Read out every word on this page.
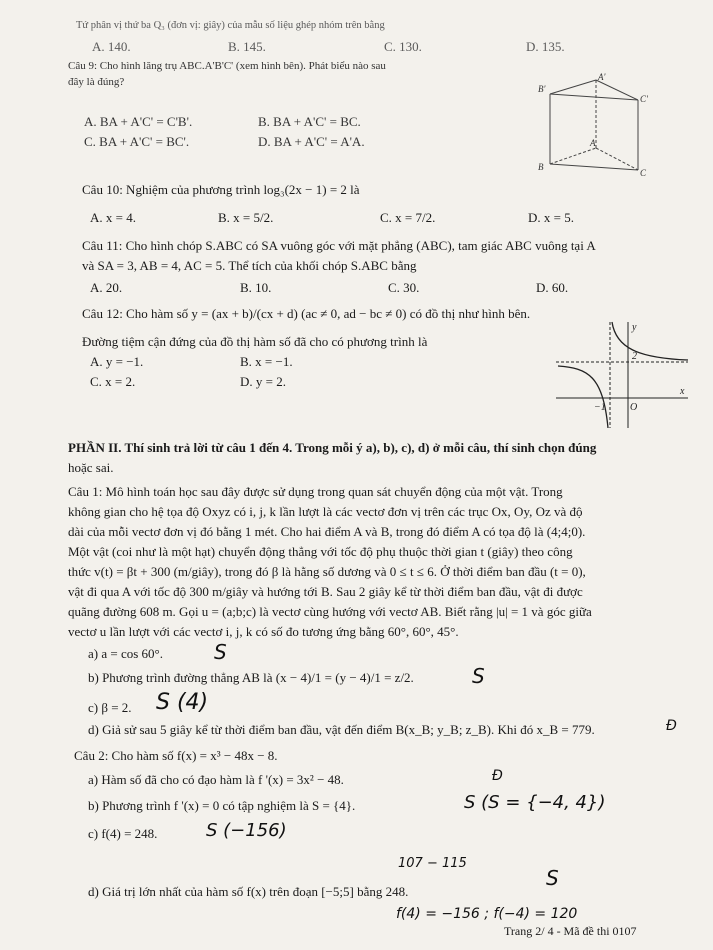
Tứ phân vị thứ ba Q₃ (đơn vị: giây) của mẫu số liệu ghép nhóm trên bằng
A. 140.	B. 145.	C. 130.	D. 135.
Câu 9: Cho hình lăng trụ ABC.A'B'C' (xem hình bên). Phát biểu nào sau
đây là đúng?
A. BA + A'C' = C'B'.	B. BA + A'C' = BC.
C. BA + A'C' = BC'.	D. BA + A'C' = A'A.
A'
B'
C'
A
B
C
Câu 10: Nghiệm của phương trình log₃(2x − 1) = 2 là
A. x = 4.	B. x = 5/2.	C. x = 7/2.	D. x = 5.
Câu 11: Cho hình chóp S.ABC có SA vuông góc với mặt phẳng (ABC), tam giác ABC vuông tại A
và SA = 3, AB = 4, AC = 5. Thể tích của khối chóp S.ABC bằng
A. 20.	B. 10.	C. 30.	D. 60.
Câu 12: Cho hàm số y = (ax + b)/(cx + d) (ac ≠ 0, ad − bc ≠ 0) có đồ thị như hình bên.
Đường tiệm cận đứng của đồ thị hàm số đã cho có phương trình là
A. y = −1.	B. x = −1.
C. x = 2.	D. y = 2.
y
2
x
−1 O
PHẦN II. Thí sinh trả lời từ câu 1 đến 4. Trong mỗi ý a), b), c), d) ở mỗi câu, thí sinh chọn đúng
hoặc sai.
Câu 1: Mô hình toán học sau đây được sử dụng trong quan sát chuyển động của một vật. Trong
không gian cho hệ tọa độ Oxyz có i, j, k lần lượt là các vectơ đơn vị trên các trục Ox, Oy, Oz và độ
dài của mỗi vectơ đơn vị đó bằng 1 mét. Cho hai điểm A và B, trong đó điểm A có tọa độ là (4;4;0).
Một vật (coi như là một hạt) chuyển động thẳng với tốc độ phụ thuộc thời gian t (giây) theo công
thức v(t) = βt + 300 (m/giây), trong đó β là hằng số dương và 0 ≤ t ≤ 6. Ở thời điểm ban đầu (t = 0),
vật đi qua A với tốc độ 300 m/giây và hướng tới B. Sau 2 giây kể từ thời điểm ban đầu, vật đi được
quãng đường 608 m. Gọi u = (a;b;c) là vectơ cùng hướng với vectơ AB. Biết rằng |u| = 1 và góc giữa
vectơ u lần lượt với các vectơ i, j, k có số đo tương ứng bằng 60°, 60°, 45°.
a) a = cos 60°.	S
b) Phương trình đường thẳng AB là (x − 4)/1 = (y − 4)/1 = z/2.	S
c) β = 2. S (4)
d) Giả sử sau 5 giây kể từ thời điểm ban đầu, vật đến điểm B(x_B; y_B; z_B). Khi đó x_B = 779.	Đ
Câu 2: Cho hàm số f(x) = x³ − 48x − 8.
a) Hàm số đã cho có đạo hàm là f '(x) = 3x² − 48.	Đ
b) Phương trình f '(x) = 0 có tập nghiệm là S = {4}.	S (S = {−4, 4})
c) f(4) = 248.	S (−156)
107 − 115
S
d) Giá trị lớn nhất của hàm số f(x) trên đoạn [−5;5] bằng 248.
f(4) = −156 ; f(−4) = 120
Trang 2/ 4 - Mã đề thi 0107
